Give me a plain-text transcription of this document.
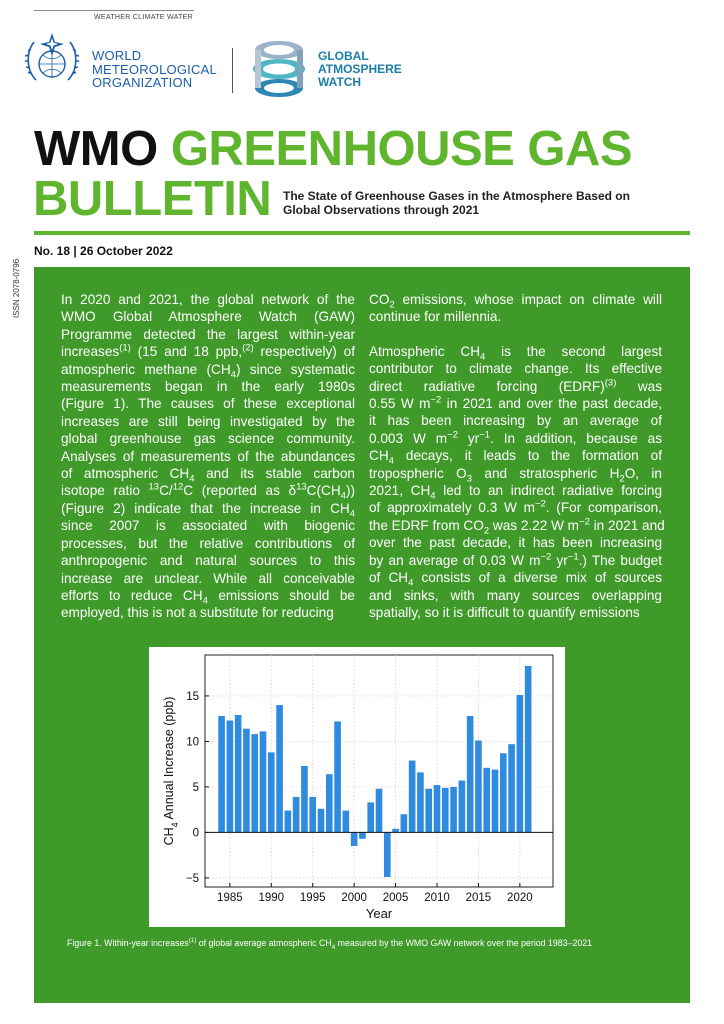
WEATHER CLIMATE WATER
WORLD
METEOROLOGICAL
ORGANIZATION
GLOBAL
ATMOSPHERE
WATCH
WMO GREENHOUSE GAS
BULLETIN The State of Greenhouse Gases in the Atmosphere Based on
Global Observations through 2021
No. 18 | 26 October 2022
ISSN 2078-0796	In 2020 and 2021, the global network of the
WMO Global Atmosphere Watch (GAW)
Programme detected the largest within-year
increases$^{(1)}$ (15 and 18 ppb,$^{(2)}$ respectively) of
atmospheric methane $(CH_4)$ since systematic
measurements began in the early 1980s
(Figure 1). The causes of these exceptional
increases are still being investigated by the
global greenhouse gas science community.
Analyses of measurements of the abundances
of atmospheric $CH_4$ and its stable carbon
isotope ratio $^{13}$C/$^{12}$C (reported as $\delta^{13}C(CH_4)$)
(Figure 2) indicate that the increase in $CH_4$
since 2007 is associated with biogenic
processes, but the relative contributions of
anthropogenic and natural sources to this
increase are unclear. While all conceivable
efforts to reduce $CH_4$ emissions should be
employed, this is not a substitute for reducing

$CO_2$ emissions, whose impact on climate will
continue for millennia.

Atmospheric $CH_4$ is the second largest
contributor to climate change. Its effective
direct radiative forcing (EDRF)$^{(3)}$ was
0.55 W $m^{-2}$ in 2021 and over the past decade,
it has been increasing by an average of
0.003 W $m^{-2}$ $yr^{-1}$. In addition, because as
$CH_4$ decays, it leads to the formation of
tropospheric $O_3$ and stratospheric $H_2O$, in
2021, $CH_4$ led to an indirect radiative forcing
of approximately 0.3 W $m^{-2}$. (For comparison,
the EDRF from $CO_2$ was 2.22 W $m^{-2}$ in 2021 and
over the past decade, it has been increasing
by an average of 0.03 W $m^{-2}$ $yr^{-1}$.) The budget
of $CH_4$ consists of a diverse mix of sources
and sinks, with many sources overlapping
spatially, so it is difficult to quantify emissions

−5
0
5
10
15
1985 1990 1995 2000 2005 2010 2015 2020
Year
$CH_4$ Annual Increase (ppb)
Figure 1. Within-year increases$^{(1)}$ of global average atmospheric $CH_4$ measured by the WMO GAW network over the period 1983–2021
